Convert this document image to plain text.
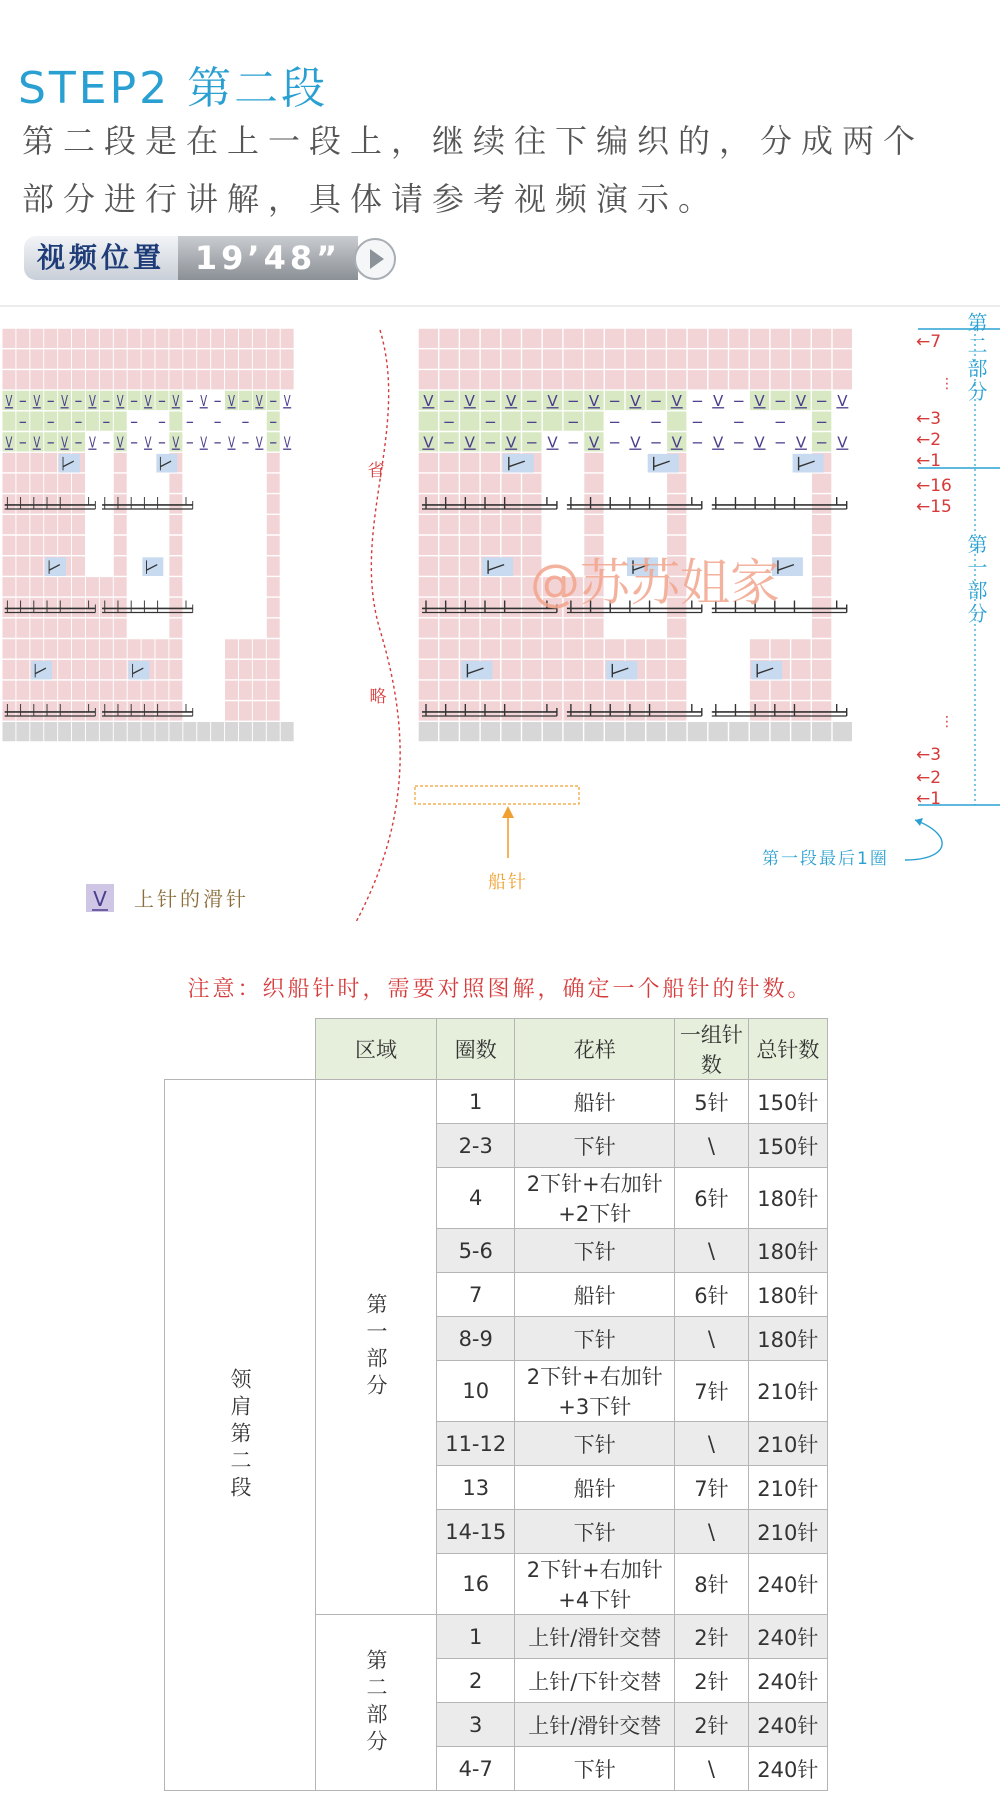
STEP2 第二段
第二段是在上一段上，继续往下编织的，分成两个
部分进行讲解，具体请参考视频演示。
视频位置 19’48”
V
V
−
−
−
V
V
−
−
−
V
V
−
−
−
V
V
−
−
−
V
V
−
−
−
V
V
−
−
−
V
V
−
−
−
V
V
−
−
−
V
V
−
−
−
V
V
−
−
−
V
V
V
V
−
−
−
V
V
−
−
−
V
V
−
−
−
V
V
−
−
−
V
V
−
−
−
V
V
−
−
−
V
V
−
−
−
V
V
−
−
−
V
V
−
−
−
V
V
−
−
−
V
V
省
略
←7
←3
←2
←1
←16
←15
←3
←2
←1
⋮
⋮
第二部分
第一部分
第一段最后1圈
船针
@苏苏姐家
V 上针的滑针
注意：织船针时，需要对照图解，确定一个船针的针数。
	区域	圈数	花样	一组针数	总针数
领肩第二段	第一部分	1	船针	5针	150针
		2-3	下针	\	150针
		4	2下针+右加针+2下针	6针	180针
		5-6	下针	\	180针
		7	船针	6针	180针
		8-9	下针	\	180针
		10	2下针+右加针+3下针	7针	210针
		11-12	下针	\	210针
		13	船针	7针	210针
		14-15	下针	\	210针
		16	2下针+右加针+4下针	8针	240针
	第二部分	1	上针/滑针交替	2针	240针
		2	上针/下针交替	2针	240针
		3	上针/滑针交替	2针	240针
		4-7	下针	\	240针
